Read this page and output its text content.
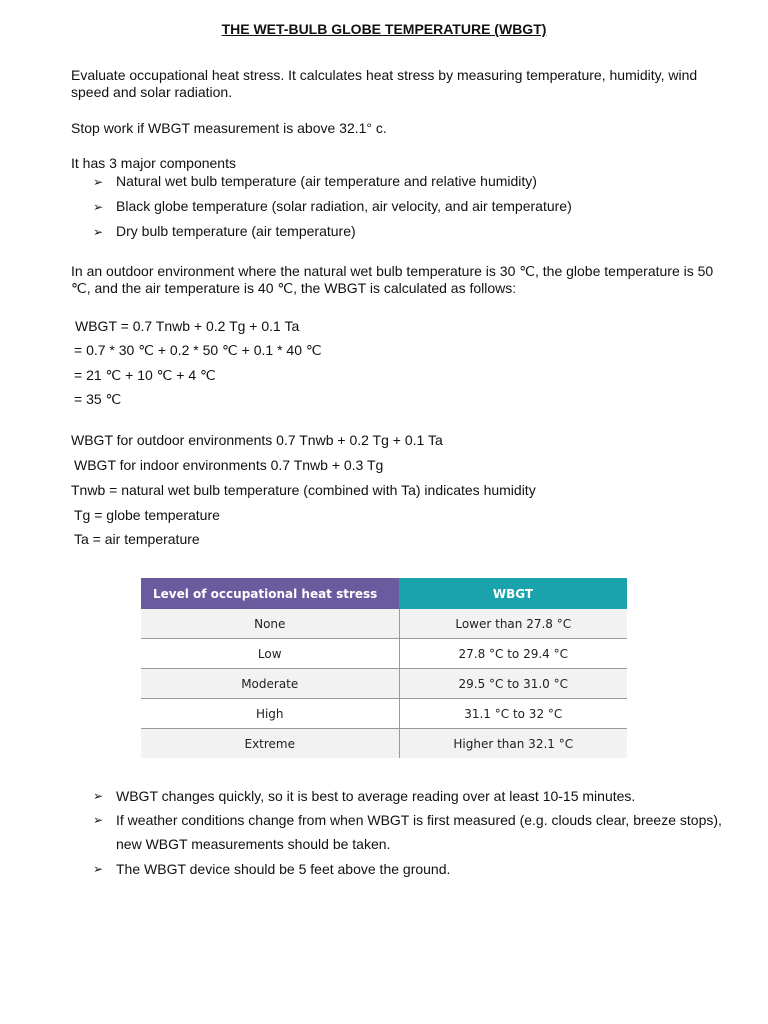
THE WET-BULB GLOBE TEMPERATURE (WBGT)
Evaluate occupational heat stress. It calculates heat stress by measuring temperature, humidity, wind speed and solar radiation.
Stop work if WBGT measurement is above 32.1° c.
It has 3 major components
➢ Natural wet bulb temperature (air temperature and relative humidity)
➢ Black globe temperature (solar radiation, air velocity, and air temperature)
➢ Dry bulb temperature (air temperature)
In an outdoor environment where the natural wet bulb temperature is 30 ℃, the globe temperature is 50 ℃, and the air temperature is 40 ℃, the WBGT is calculated as follows:
WBGT = 0.7 Tnwb + 0.2 Tg + 0.1 Ta
= 0.7 * 30 ℃ + 0.2 * 50 ℃ + 0.1 * 40 ℃
= 21 ℃ + 10 ℃ + 4 ℃
= 35 ℃
WBGT for outdoor environments 0.7 Tnwb + 0.2 Tg + 0.1 Ta
WBGT for indoor environments 0.7 Tnwb + 0.3 Tg
Tnwb = natural wet bulb temperature (combined with Ta) indicates humidity
Tg = globe temperature
Ta = air temperature
Level of occupational heat stress	WBGT
None	Lower than 27.8 °C
Low	27.8 °C to 29.4 °C
Moderate	29.5 °C to 31.0 °C
High	31.1 °C to 32 °C
Extreme	Higher than 32.1 °C
➢ WBGT changes quickly, so it is best to average reading over at least 10-15 minutes.
➢ If weather conditions change from when WBGT is first measured (e.g. clouds clear, breeze stops), new WBGT measurements should be taken.
➢ The WBGT device should be 5 feet above the ground.
